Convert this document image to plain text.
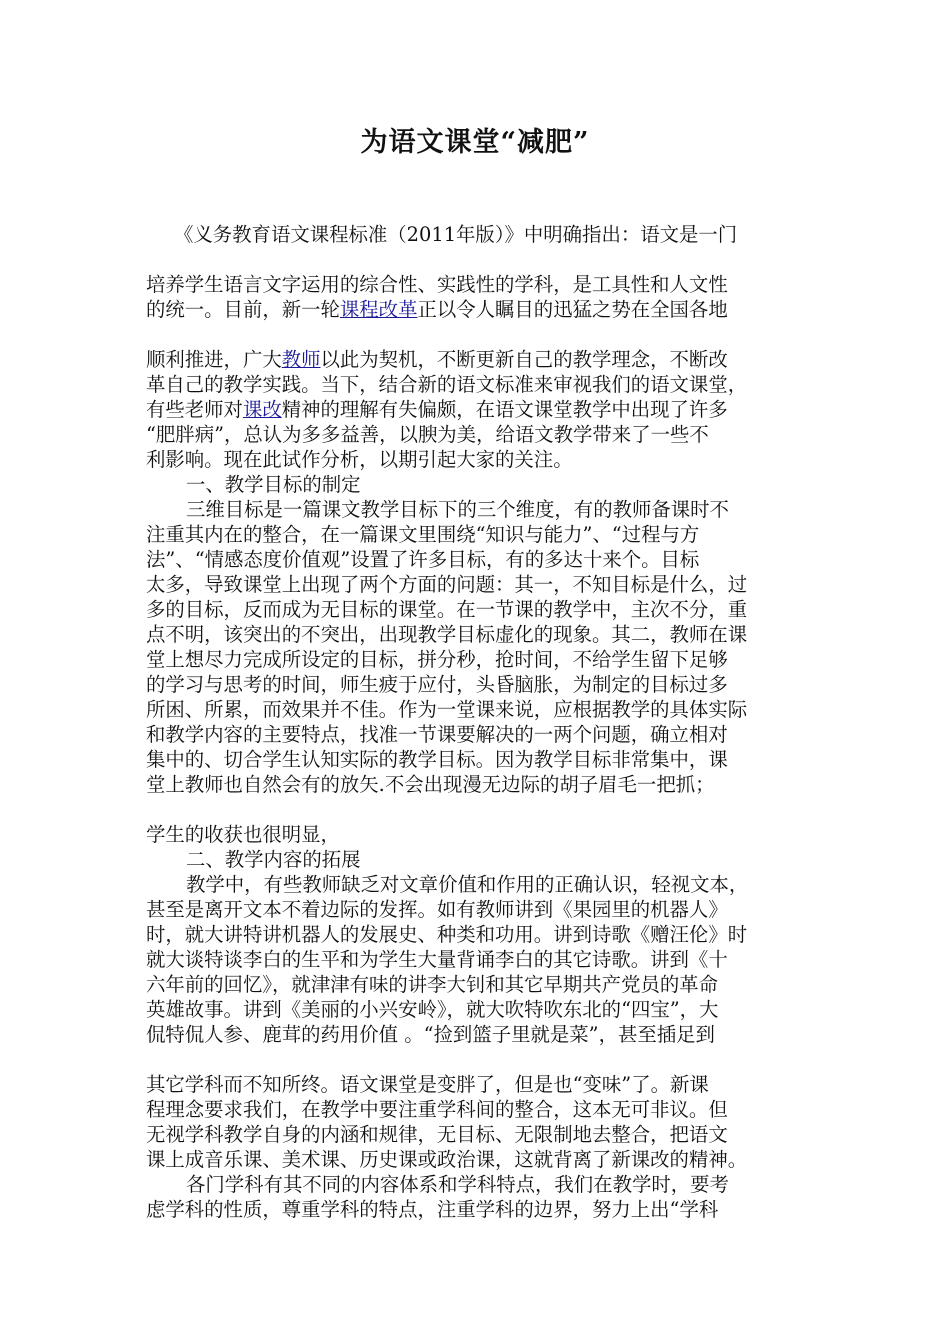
为语文课堂“减肥”
《义务教育语文课程标准（2011年版）》中明确指出：语文是一门
培养学生语言文字运用的综合性、实践性的学科，是工具性和人文性
的统一。目前，新一轮课程改革正以令人瞩目的迅猛之势在全国各地
顺利推进，广大教师以此为契机，不断更新自己的教学理念，不断改
革自己的教学实践。当下，结合新的语文标准来审视我们的语文课堂，
有些老师对课改精神的理解有失偏颇，在语文课堂教学中出现了许多
“肥胖病”，总认为多多益善，以腴为美，给语文教学带来了一些不
利影响。现在此试作分析，以期引起大家的关注。
一、教学目标的制定
三维目标是一篇课文教学目标下的三个维度，有的教师备课时不
注重其内在的整合，在一篇课文里围绕“知识与能力”、“过程与方
法”、“情感态度价值观”设置了许多目标，有的多达十来个。目标
太多，导致课堂上出现了两个方面的问题：其一，不知目标是什么，过
多的目标，反而成为无目标的课堂。在一节课的教学中，主次不分，重
点不明，该突出的不突出，出现教学目标虚化的现象。其二，教师在课
堂上想尽力完成所设定的目标，拼分秒，抢时间，不给学生留下足够
的学习与思考的时间，师生疲于应付，头昏脑胀，为制定的目标过多
所困、所累，而效果并不佳。作为一堂课来说，应根据教学的具体实际
和教学内容的主要特点，找准一节课要解决的一两个问题，确立相对
集中的、切合学生认知实际的教学目标。因为教学目标非常集中，课
堂上教师也自然会有的放矢.不会出现漫无边际的胡子眉毛一把抓；
学生的收获也很明显，
二、教学内容的拓展
教学中，有些教师缺乏对文章价值和作用的正确认识，轻视文本，
甚至是离开文本不着边际的发挥。如有教师讲到《果园里的机器人》
时，就大讲特讲机器人的发展史、种类和功用。讲到诗歌《赠汪伦》时
就大谈特谈李白的生平和为学生大量背诵李白的其它诗歌。讲到《十
六年前的回忆》，就津津有味的讲李大钊和其它早期共产党员的革命
英雄故事。讲到《美丽的小兴安岭》，就大吹特吹东北的“四宝”，大
侃特侃人参、鹿茸的药用价值 。“捡到篮子里就是菜”，甚至插足到
其它学科而不知所终。语文课堂是变胖了，但是也“变味”了。新课
程理念要求我们，在教学中要注重学科间的整合，这本无可非议。但
无视学科教学自身的内涵和规律，无目标、无限制地去整合，把语文
课上成音乐课、美术课、历史课或政治课，这就背离了新课改的精神。
各门学科有其不同的内容体系和学科特点，我们在教学时，要考
虑学科的性质，尊重学科的特点，注重学科的边界，努力上出“学科
